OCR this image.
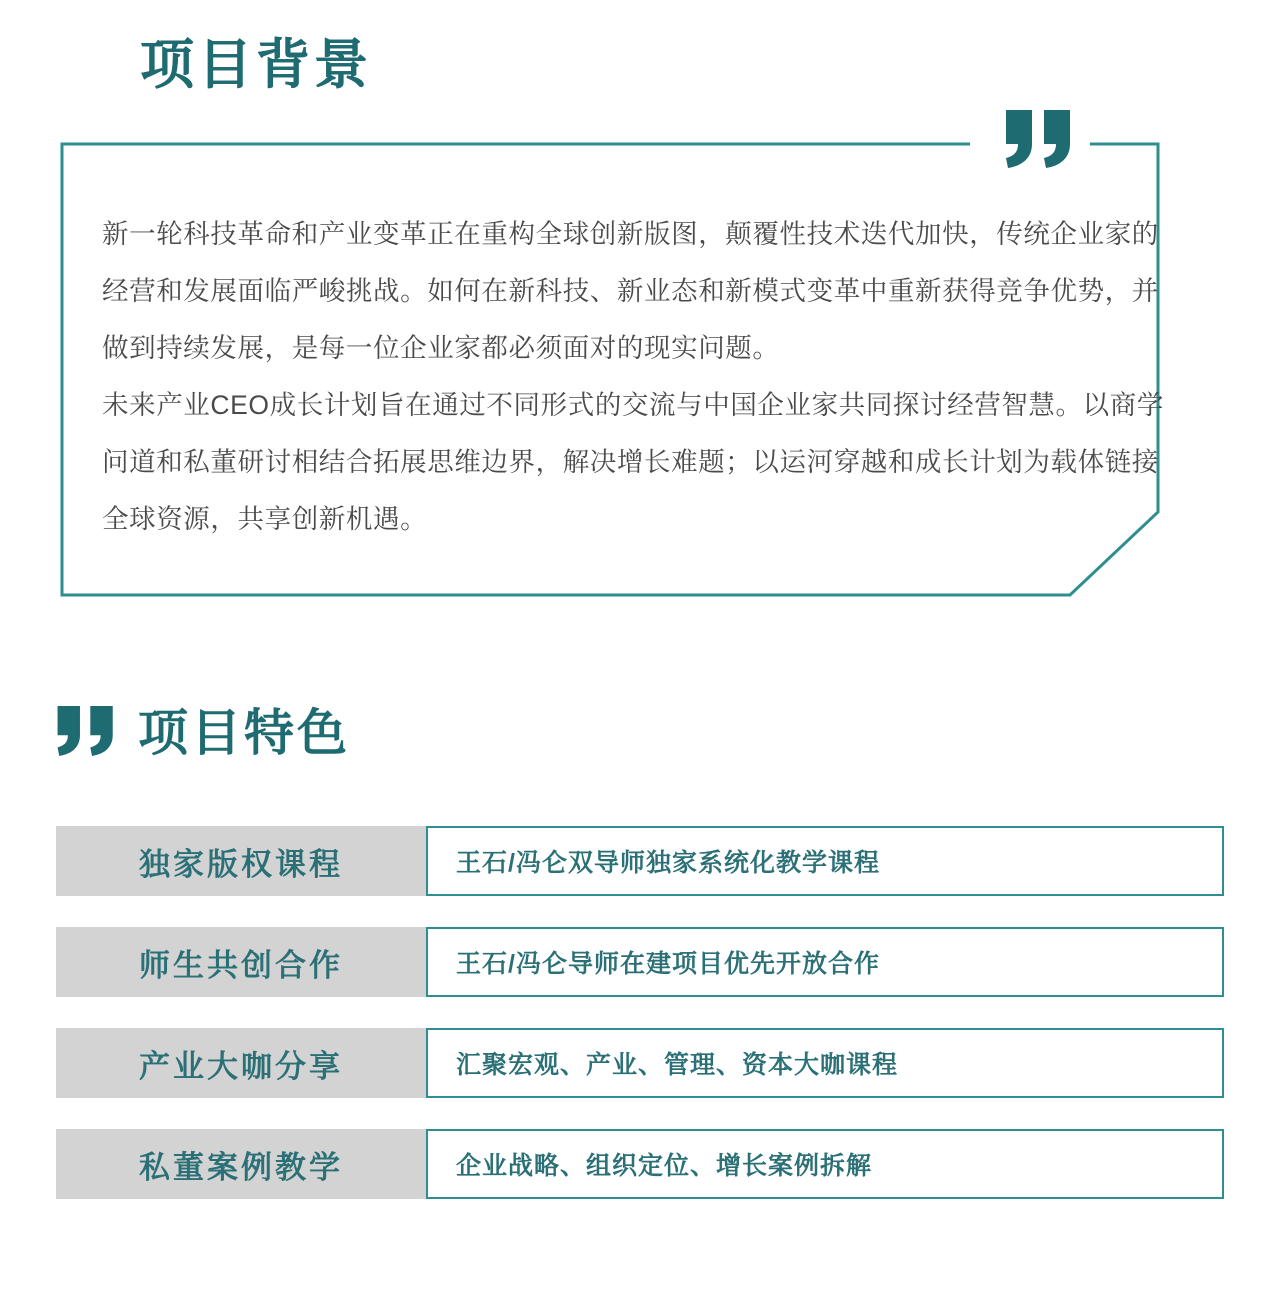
项目背景

新一轮科技革命和产业变革正在重构全球创新版图，颠覆性技术迭代加快，传统企业家的经营和发展面临严峻挑战。如何在新科技、新业态和新模式变革中重新获得竞争优势，并做到持续发展，是每一位企业家都必须面对的现实问题。

未来产业CEO成长计划旨在通过不同形式的交流与中国企业家共同探讨经营智慧。以商学问道和私董研讨相结合拓展思维边界，解决增长难题；以运河穿越和成长计划为载体链接全球资源，共享创新机遇。

项目特色
独家版权课程	王石/冯仑双导师独家系统化教学课程
师生共创合作	王石/冯仑导师在建项目优先开放合作
产业大咖分享	汇聚宏观、产业、管理、资本大咖课程
私董案例教学	企业战略、组织定位、增长案例拆解
